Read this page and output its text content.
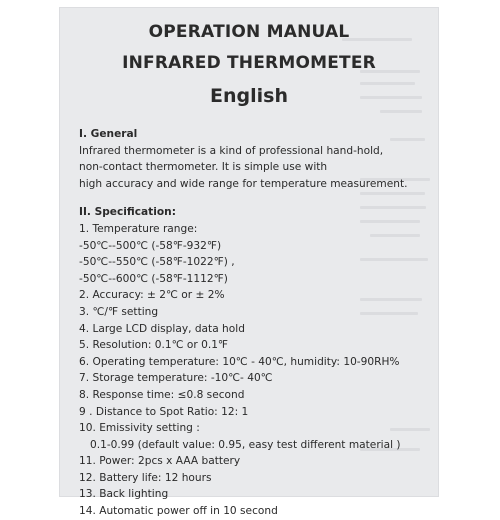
OPERATION MANUAL
INFRARED THERMOMETER
English
I. General
Infrared thermometer is a kind of professional hand-hold,
non-contact thermometer. It is simple use with
high accuracy and wide range for temperature measurement.
II. Specification:
1. Temperature range:
-50℃--500℃ (-58℉-932℉)
-50℃--550℃ (-58℉-1022℉) ,
-50℃--600℃ (-58℉-1112℉)
2. Accuracy: ± 2℃ or ± 2%
3. ℃/℉ setting
4. Large LCD display, data hold
5. Resolution: 0.1℃ or 0.1℉
6. Operating temperature: 10℃ - 40℃, humidity: 10-90RH%
7. Storage temperature: -10℃- 40℃
8. Response time: ≤0.8 second
9 . Distance to Spot Ratio: 12: 1
10. Emissivity setting :
0.1-0.99 (default value: 0.95, easy test different material )
11. Power: 2pcs x AAA battery
12. Battery life: 12 hours
13. Back lighting
14. Automatic power off in 10 second
